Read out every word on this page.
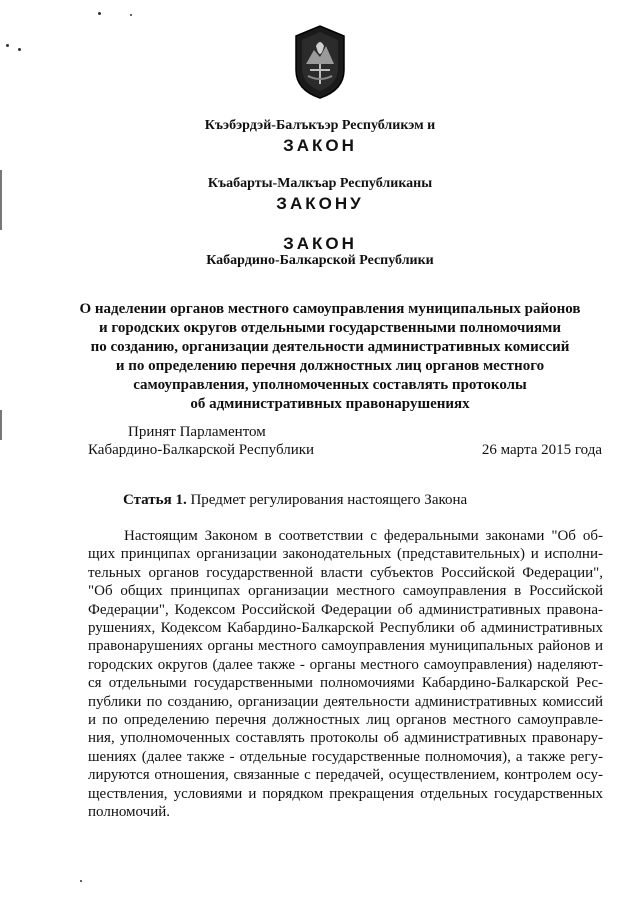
Къэбэрдэй-Балъкъэр Республикэм и
ЗАКОН
Къабарты-Малкъар Республиканы
ЗАКОНУ
ЗАКОН
Кабардино-Балкарской Республики
О наделении органов местного самоуправления муниципальных районов
и городских округов отдельными государственными полномочиями
по созданию, организации деятельности административных комиссий
и по определению перечня должностных лиц органов местного
самоуправления, уполномоченных составлять протоколы
об административных правонарушениях
Принят Парламентом
Кабардино-Балкарской Республики	26 марта 2015 года
Статья 1. Предмет регулирования настоящего Закона
Настоящим Законом в соответствии с федеральными законами "Об об-
щих принципах организации законодательных (представительных) и исполни-
тельных органов государственной власти субъектов Российской Федерации",
"Об общих принципах организации местного самоуправления в Российской
Федерации", Кодексом Российской Федерации об административных правона-
рушениях, Кодексом Кабардино-Балкарской Республики об административных
правонарушениях органы местного самоуправления муниципальных районов и
городских округов (далее также - органы местного самоуправления) наделяют-
ся отдельными государственными полномочиями Кабардино-Балкарской Рес-
публики по созданию, организации деятельности административных комиссий
и по определению перечня должностных лиц органов местного самоуправле-
ния, уполномоченных составлять протоколы об административных правонару-
шениях (далее также - отдельные государственные полномочия), а также регу-
лируются отношения, связанные с передачей, осуществлением, контролем осу-
ществления, условиями и порядком прекращения отдельных государственных
полномочий.
